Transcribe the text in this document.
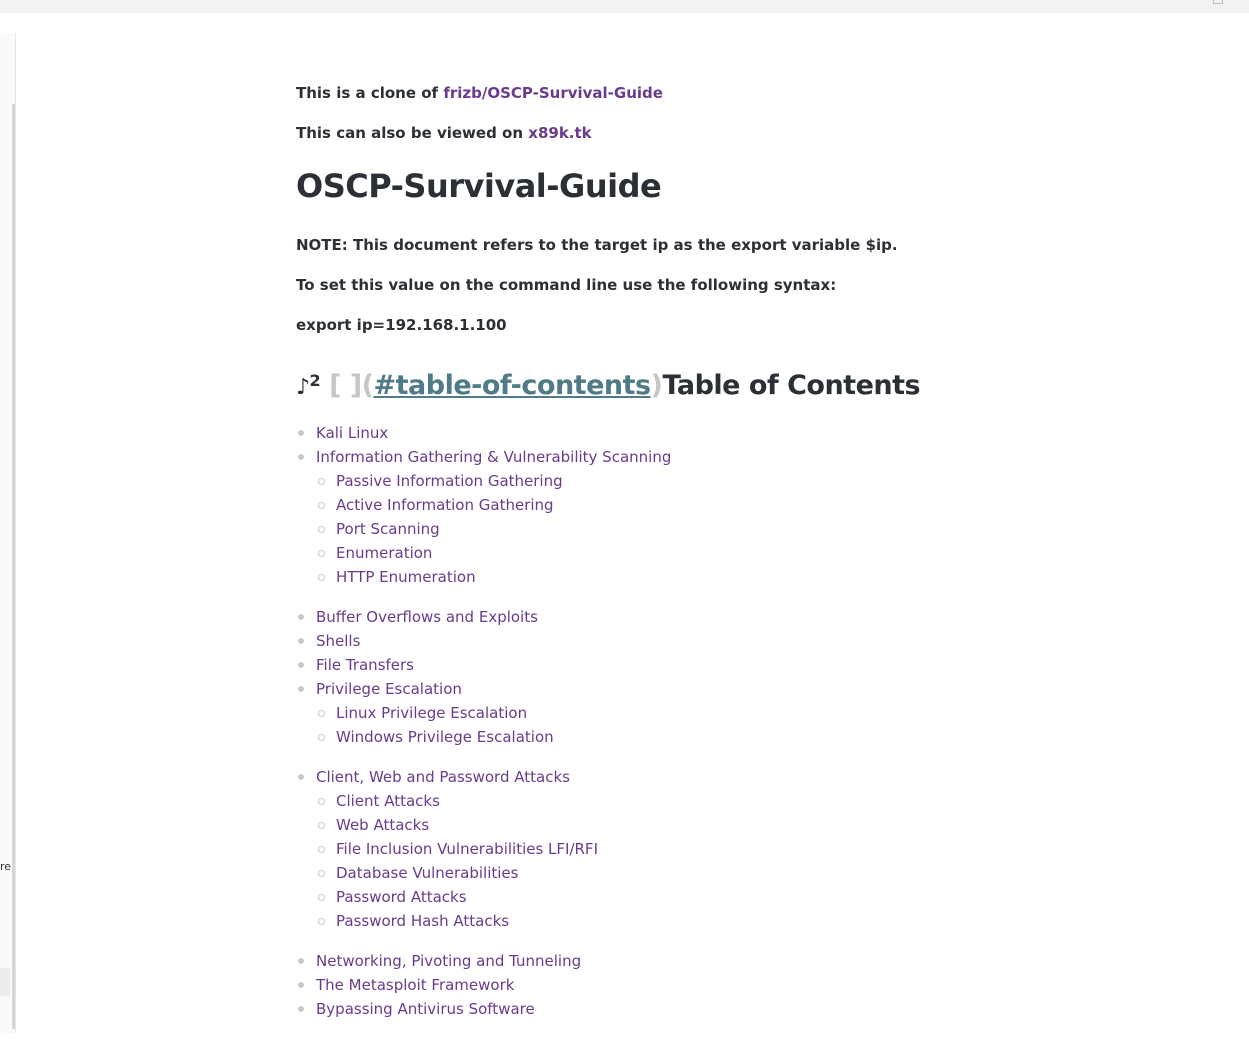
re

This is a clone of frizb/OSCP-Survival-Guide

This can also be viewed on x89k.tk

OSCP-Survival-Guide

NOTE: This document refers to the target ip as the export variable $ip.

To set this value on the command line use the following syntax:

export ip=192.168.1.100

♪$^2$ [ ](#table-of-contents)Table of Contents
Kali Linux
Information Gathering & Vulnerability Scanning
Passive Information Gathering
Active Information Gathering
Port Scanning
Enumeration
HTTP Enumeration
Buffer Overflows and Exploits
Shells
File Transfers
Privilege Escalation
Linux Privilege Escalation
Windows Privilege Escalation
Client, Web and Password Attacks
Client Attacks
Web Attacks
File Inclusion Vulnerabilities LFI/RFI
Database Vulnerabilities
Password Attacks
Password Hash Attacks
Networking, Pivoting and Tunneling
The Metasploit Framework
Bypassing Antivirus Software
